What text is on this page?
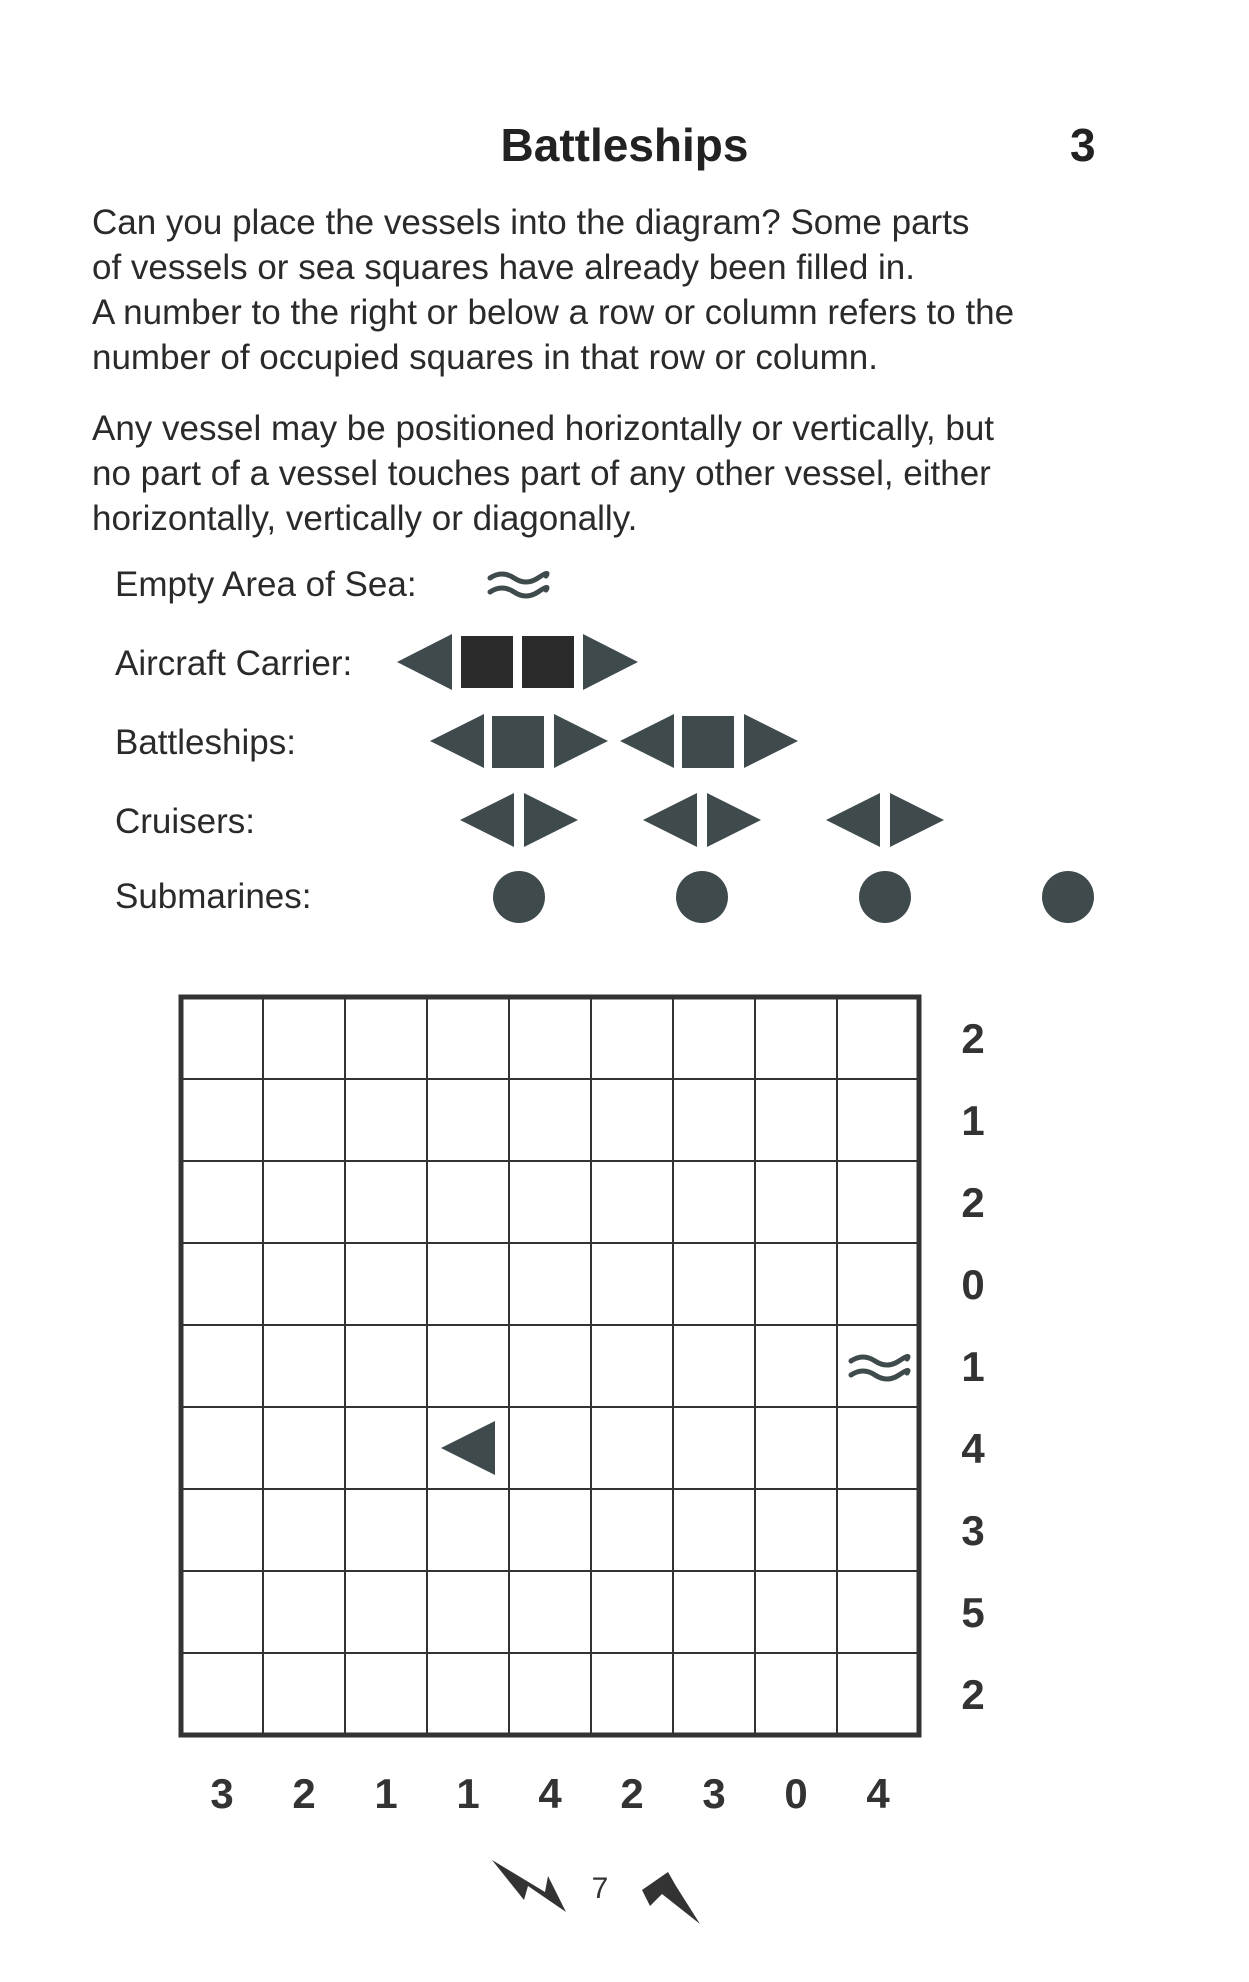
Battleships	3
Can you place the vessels into the diagram? Some parts
of vessels or sea squares have already been filled in.
A number to the right or below a row or column refers to the
number of occupied squares in that row or column.
Any vessel may be positioned horizontally or vertically, but
no part of a vessel touches part of any other vessel, either
horizontally, vertically or diagonally.
Empty Area of Sea:
Aircraft Carrier:
Battleships:
Cruisers:
Submarines:
2
1
2
0
1
4
3
5
2
3	2	1	1	4	2	3	0	4
7
